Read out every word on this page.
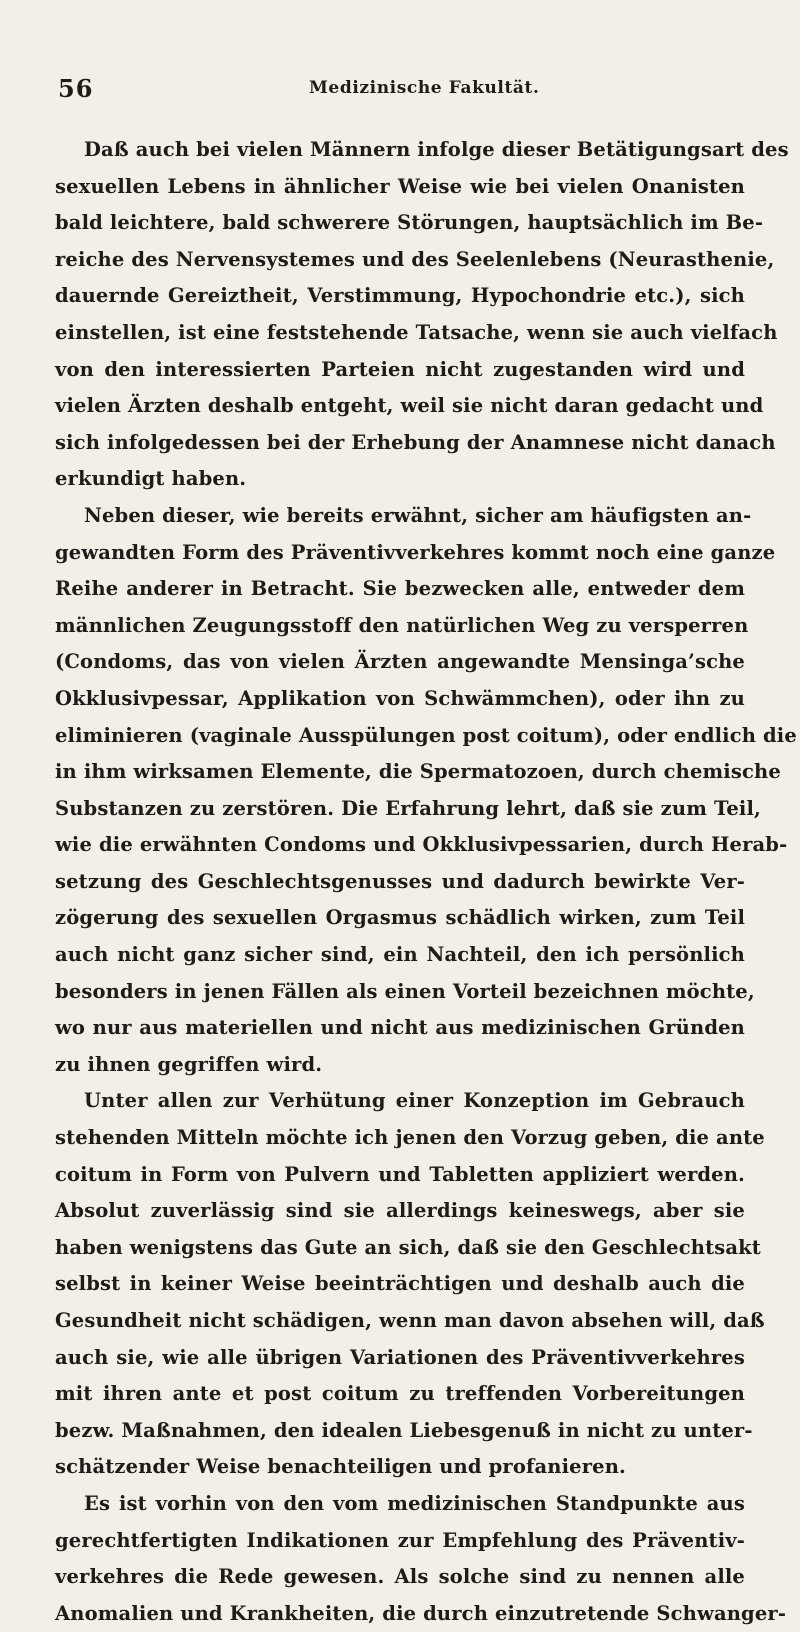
56	Medizinische Fakultät.
Daß auch bei vielen Männern infolge dieser Betätigungsart des
sexuellen Lebens in ähnlicher Weise wie bei vielen Onanisten
bald leichtere, bald schwerere Störungen, hauptsächlich im Be-
reiche des Nervensystemes und des Seelenlebens (Neurasthenie,
dauernde Gereiztheit, Verstimmung, Hypochondrie etc.), sich
einstellen, ist eine feststehende Tatsache, wenn sie auch vielfach
von den interessierten Parteien nicht zugestanden wird und
vielen Ärzten deshalb entgeht, weil sie nicht daran gedacht und
sich infolgedessen bei der Erhebung der Anamnese nicht danach
erkundigt haben.
Neben dieser, wie bereits erwähnt, sicher am häufigsten an-
gewandten Form des Präventivverkehres kommt noch eine ganze
Reihe anderer in Betracht. Sie bezwecken alle, entweder dem
männlichen Zeugungsstoff den natürlichen Weg zu versperren
(Condoms, das von vielen Ärzten angewandte Mensinga’sche
Okklusivpessar, Applikation von Schwämmchen), oder ihn zu
eliminieren (vaginale Ausspülungen post coitum), oder endlich die
in ihm wirksamen Elemente, die Spermatozoen, durch chemische
Substanzen zu zerstören. Die Erfahrung lehrt, daß sie zum Teil,
wie die erwähnten Condoms und Okklusivpessarien, durch Herab-
setzung des Geschlechtsgenusses und dadurch bewirkte Ver-
zögerung des sexuellen Orgasmus schädlich wirken, zum Teil
auch nicht ganz sicher sind, ein Nachteil, den ich persönlich
besonders in jenen Fällen als einen Vorteil bezeichnen möchte,
wo nur aus materiellen und nicht aus medizinischen Gründen
zu ihnen gegriffen wird.
Unter allen zur Verhütung einer Konzeption im Gebrauch
stehenden Mitteln möchte ich jenen den Vorzug geben, die ante
coitum in Form von Pulvern und Tabletten appliziert werden.
Absolut zuverlässig sind sie allerdings keineswegs, aber sie
haben wenigstens das Gute an sich, daß sie den Geschlechtsakt
selbst in keiner Weise beeinträchtigen und deshalb auch die
Gesundheit nicht schädigen, wenn man davon absehen will, daß
auch sie, wie alle übrigen Variationen des Präventivverkehres
mit ihren ante et post coitum zu treffenden Vorbereitungen
bezw. Maßnahmen, den idealen Liebesgenuß in nicht zu unter-
schätzender Weise benachteiligen und profanieren.
Es ist vorhin von den vom medizinischen Standpunkte aus
gerechtfertigten Indikationen zur Empfehlung des Präventiv-
verkehres die Rede gewesen. Als solche sind zu nennen alle
Anomalien und Krankheiten, die durch einzutretende Schwanger-
